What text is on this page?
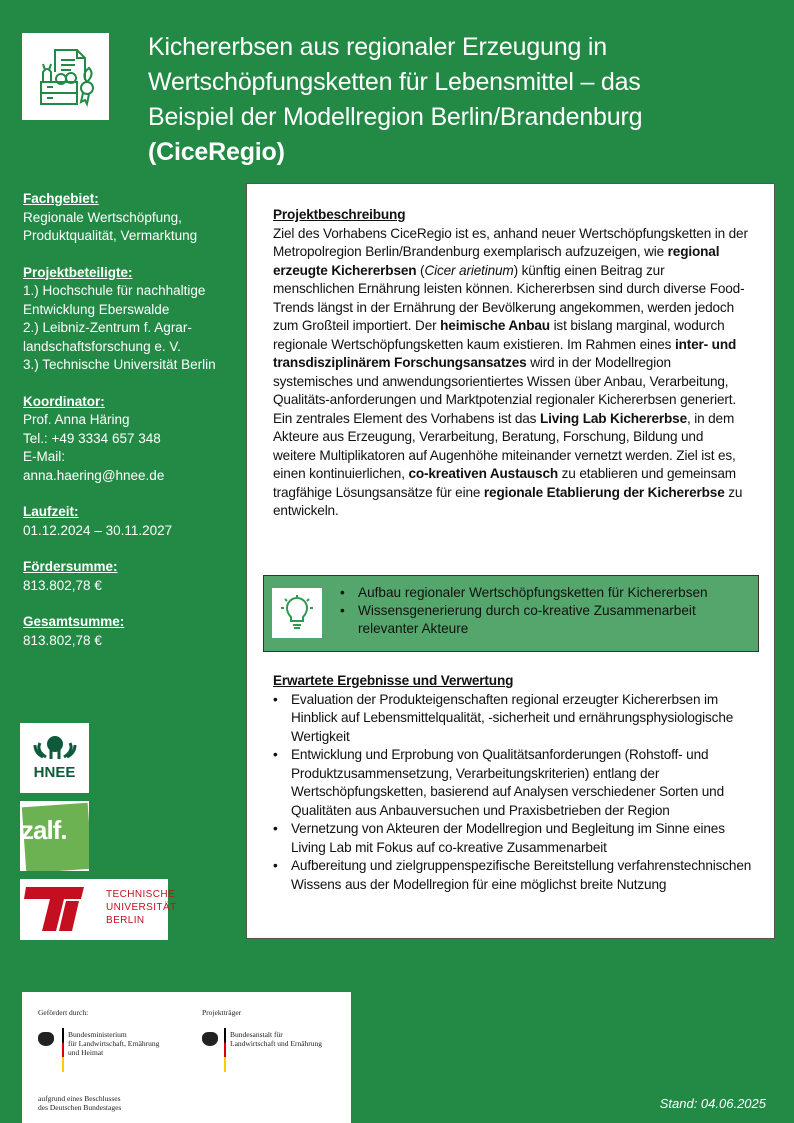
Kichererbsen aus regionaler Erzeugung in
Wertschöpfungsketten für Lebensmittel – das
Beispiel der Modellregion Berlin/Brandenburg
(CiceRegio)
Fachgebiet:
Regionale Wertschöpfung, Produktqualität, Vermarktung
Projektbeteiligte:
1.) Hochschule für nachhaltige Entwicklung Eberswalde
2.) Leibniz-Zentrum f. Agrar-landschaftsforschung e. V.
3.) Technische Universität Berlin
Koordinator:
Prof. Anna Häring
Tel.: +49 3334 657 348
E-Mail:
anna.haering@hnee.de
Laufzeit:
01.12.2024 – 30.11.2027
Fördersumme:
813.802,78 €
Gesamtsumme:
813.802,78 €
HNEE
zalf.
TECHNISCHE
UNIVERSITÄT
BERLIN
Projektbeschreibung
Ziel des Vorhabens CiceRegio ist es, anhand neuer Wertschöpfungsketten in der Metropolregion Berlin/Brandenburg exemplarisch aufzuzeigen, wie regional erzeugte Kichererbsen (Cicer arietinum) künftig einen Beitrag zur menschlichen Ernährung leisten können. Kichererbsen sind durch diverse Food-Trends längst in der Ernährung der Bevölkerung angekommen, werden jedoch zum Großteil importiert. Der heimische Anbau ist bislang marginal, wodurch regionale Wertschöpfungsketten kaum existieren. Im Rahmen eines inter- und transdisziplinärem Forschungsansatzes wird in der Modellregion systemisches und anwendungsorientiertes Wissen über Anbau, Verarbeitung, Qualitäts-anforderungen und Marktpotenzial regionaler Kichererbsen generiert. Ein zentrales Element des Vorhabens ist das Living Lab Kichererbse, in dem Akteure aus Erzeugung, Verarbeitung, Beratung, Forschung, Bildung und weitere Multiplikatoren auf Augenhöhe miteinander vernetzt werden. Ziel ist es, einen kontinuierlichen, co-kreativen Austausch zu etablieren und gemeinsam tragfähige Lösungsansätze für eine regionale Etablierung der Kichererbse zu entwickeln.
• Aufbau regionaler Wertschöpfungsketten für Kichererbsen
• Wissensgenerierung durch co-kreative Zusammenarbeit relevanter Akteure
Erwartete Ergebnisse und Verwertung
• Evaluation der Produkteigenschaften regional erzeugter Kichererbsen im Hinblick auf Lebensmittelqualität, -sicherheit und ernährungsphysiologische Wertigkeit
• Entwicklung und Erprobung von Qualitätsanforderungen (Rohstoff- und Produktzusammensetzung, Verarbeitungskriterien) entlang der Wertschöpfungsketten, basierend auf Analysen verschiedener Sorten und Qualitäten aus Anbauversuchen und Praxisbetrieben der Region
• Vernetzung von Akteuren der Modellregion und Begleitung im Sinne eines Living Lab mit Fokus auf co-kreative Zusammenarbeit
• Aufbereitung und zielgruppenspezifische Bereitstellung verfahrenstechnischen Wissens aus der Modellregion für eine möglichst breite Nutzung
Gefördert durch:
Bundesministerium
für Landwirtschaft, Ernährung
und Heimat
Projektträger
Bundesanstalt für
Landwirtschaft und Ernährung
aufgrund eines Beschlusses
des Deutschen Bundestages	Stand: 04.06.2025
